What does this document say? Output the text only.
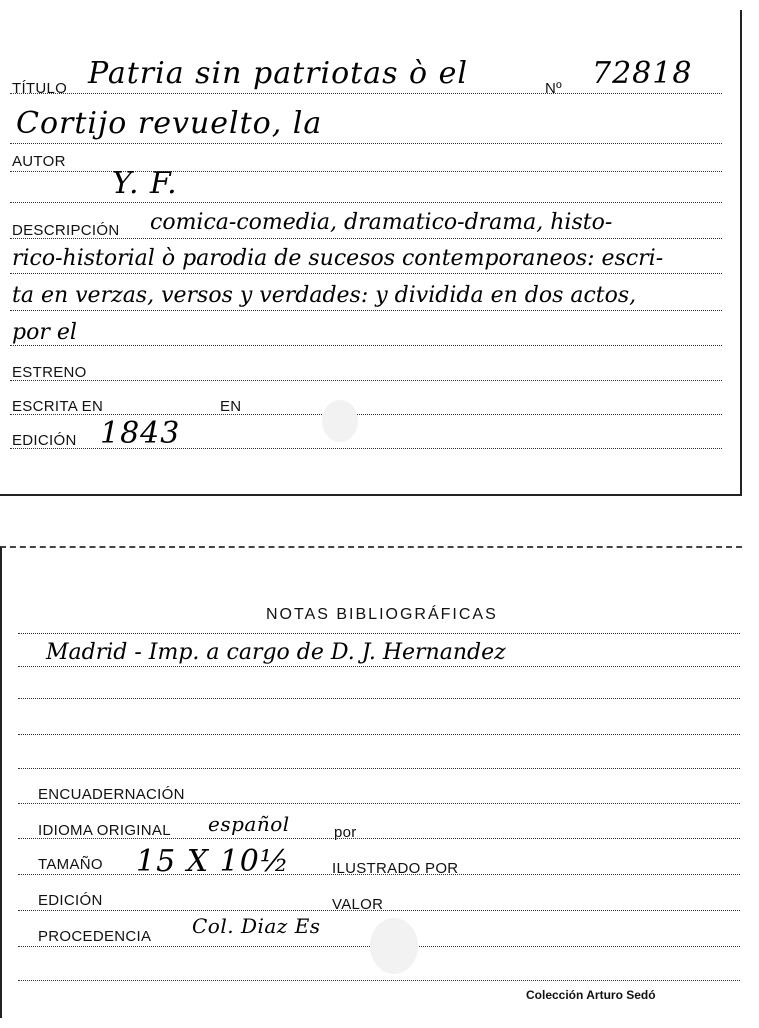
TÍTULO Patria sin patriotas ò el	Nº 72818
Cortijo revuelto, la
AUTOR
Y. F.
DESCRIPCIÓN comica-comedia, dramatico-drama, histo-
rico-historial ò parodia de sucesos contemporaneos: escri-
ta en verzas, versos y verdades: y dividida en dos actos,
por el
ESTRENO
ESCRITA EN	EN
EDICIÓN 1843
NOTAS BIBLIOGRÁFICAS
Madrid - Imp. a cargo de D. J. Hernandez
ENCUADERNACIÓN
IDIOMA ORIGINAL español	por
TAMAÑO 15 X 10½	ILUSTRADO POR
EDICIÓN	VALOR
PROCEDENCIA Col. Diaz Es
Colección Arturo Sedó
